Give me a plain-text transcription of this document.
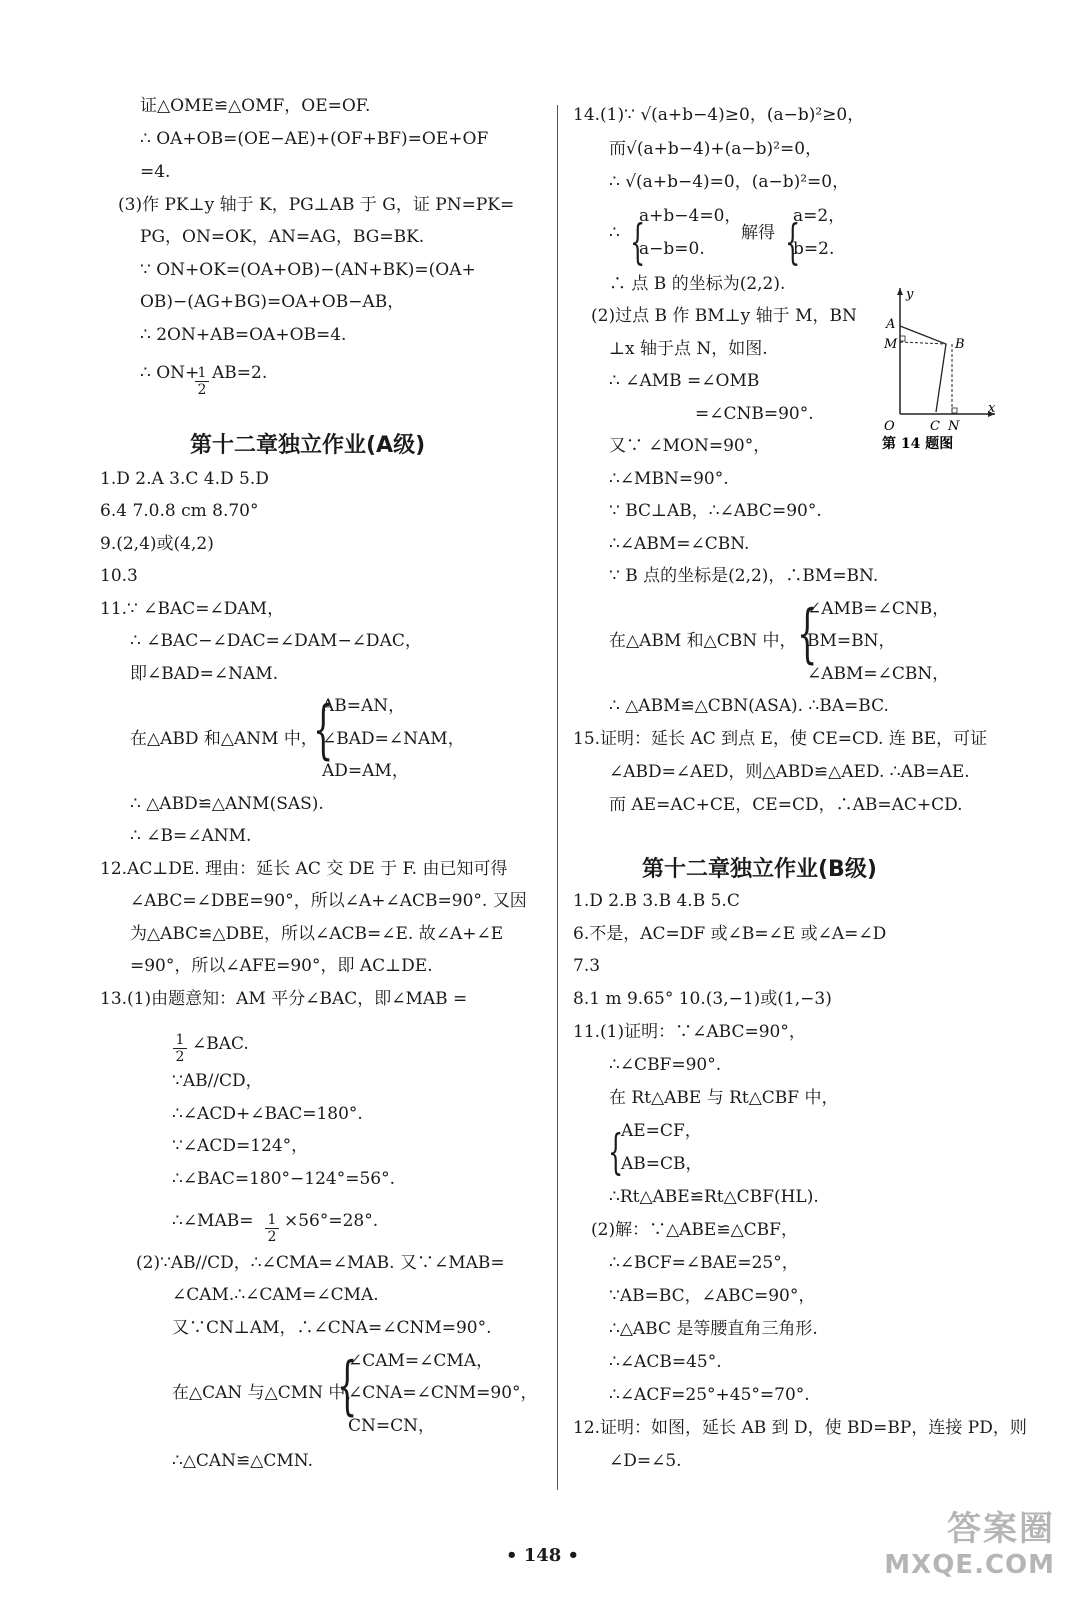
证△OME≌△OMF，OE=OF.
∴ OA+OB=(OE−AE)+(OF+BF)=OE+OF
=4.
(3)作 PK⊥y 轴于 K，PG⊥AB 于 G，证 PN=PK=
PG，ON=OK，AN=AG，BG=BK.
∵ ON+OK=(OA+OB)−(AN+BK)=(OA+
OB)−(AG+BG)=OA+OB−AB，
∴ 2ON+AB=OA+OB=4.
∴ ON+ AB=2.
1.D 2.A 3.C 4.D 5.D
6.4 7.0.8 cm 8.70°
9.(2,4)或(4,2)
10.3
11.∵ ∠BAC=∠DAM，
∴ ∠BAC−∠DAC=∠DAM−∠DAC，
即∠BAD=∠NAM.
AB=AN，
在△ABD 和△ANM 中， ∠BAD=∠NAM，
AD=AM，
∴ △ABD≌△ANM(SAS).
∴ ∠B=∠ANM.
12.AC⊥DE. 理由：延长 AC 交 DE 于 F. 由已知可得
∠ABC=∠DBE=90°，所以∠A+∠ACB=90°. 又因
为△ABC≌△DBE，所以∠ACB=∠E. 故∠A+∠E
=90°，所以∠AFE=90°，即 AC⊥DE.
13.(1)由题意知：AM 平分∠BAC，即∠MAB =
∠BAC.
∵AB//CD，
∴∠ACD+∠BAC=180°.
∵∠ACD=124°，
∴∠BAC=180°−124°=56°.
∴∠MAB= ×56°=28°.
(2)∵AB//CD，∴∠CMA=∠MAB. 又∵∠MAB=
∠CAM.∴∠CAM=∠CMA.
又∵CN⊥AM，∴∠CNA=∠CNM=90°.
∠CAM=∠CMA，
在△CAN 与△CMN 中，
∠CNA=∠CNM=90°，
CN=CN，
∴△CAN≌△CMN.
14.(1)∵ √(a+b−4)≥0，(a−b)²≥0，
而√(a+b−4)+(a−b)²=0，
∴ √(a+b−4)=0，(a−b)²=0，
a+b−4=0，
∴	解得
a=2，
a−b=0.	b=2.
∴ 点 B 的坐标为(2,2).
(2)过点 B 作 BM⊥y 轴于 M，BN
⊥x 轴于点 N，如图.
∴ ∠AMB =∠OMB
=∠CNB=90°.
又∵ ∠MON=90°，
∴∠MBN=90°.
∵ BC⊥AB，∴∠ABC=90°.
∴∠ABM=∠CBN.
∵ B 点的坐标是(2,2)，∴BM=BN.
∠AMB=∠CNB，
在△ABM 和△CBN 中， BM=BN，
∠ABM=∠CBN，
∴ △ABM≌△CBN(ASA). ∴BA=BC.
15.证明：延长 AC 到点 E，使 CE=CD. 连 BE，可证
∠ABD=∠AED，则△ABD≌△AED. ∴AB=AE.
而 AE=AC+CE，CE=CD，∴AB=AC+CD.
1.D 2.B 3.B 4.B 5.C
6.不是，AC=DF 或∠B=∠E 或∠A=∠D
7.3
8.1 m 9.65° 10.(3,−1)或(1,−3)
11.(1)证明：∵∠ABC=90°，
∴∠CBF=90°.
在 Rt△ABE 与 Rt△CBF 中，
AE=CF，
AB=CB，
∴Rt△ABE≌Rt△CBF(HL).
(2)解：∵△ABE≌△CBF，
∴∠BCF=∠BAE=25°，
∵AB=BC，∠ABC=90°，
∴△ABC 是等腰直角三角形.
∴∠ACB=45°.
∴∠ACF=25°+45°=70°.
12.证明：如图，延长 AB 到 D，使 BD=BP，连接 PD，则
∠D=∠5.
第十二章独立作业(A级)
第十二章独立作业(B级)
{
{
{	{
{
{
$\frac{1}{2}$
$\frac{1}{2}$
$\frac{1}{2}$
y
x
A
M	B
O	C N
第 14 题图
• 148 •
答案圈
MXQE.COM
